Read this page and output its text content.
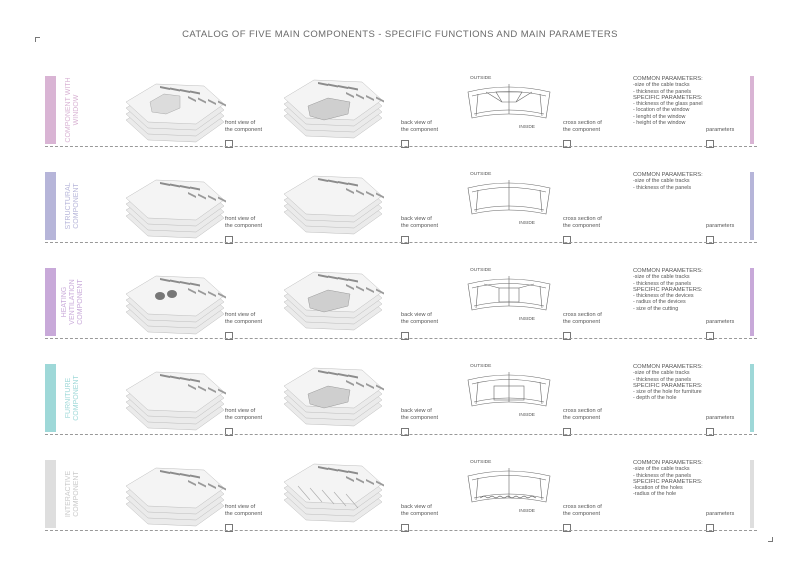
CATALOG OF FIVE MAIN COMPONENTS - SPECIFIC FUNCTIONS AND MAIN PARAMETERS
COMPONENT WITH WINDOW
OUTSIDE
INSIDE
front view of
the component
back view of
the component
cross section of
the component	parameters
COMMON PARAMETERS:
-size of the cable tracks
- thickness of the panels
SPECIFIC PARAMETERS:
- thickness of the glass panel
- location of the window
- lenght of the window
- height of the window
STRUCTURAL COMPONENT
OUTSIDE
INSIDE
front view of
the component
back view of
the component
cross section of
the component	parameters
COMMON PARAMETERS:
-size of the cable tracks
- thickness of the panels
HEATING VENTILATION COMPONENT
OUTSIDE
INSIDE
front view of
the component
back view of
the component
cross section of
the component	parameters
COMMON PARAMETERS:
-size of the cable tracks
- thickness of the panels
SPECIFIC PARAMETERS:
- thickness of the devices
- radius of the devices
- size of the cutting
FURNITURE COMPONENT
OUTSIDE
INSIDE
front view of
the component
back view of
the component
cross section of
the component	parameters
COMMON PARAMETERS:
-size of the cable tracks
- thickness of the panels
SPECIFIC PARAMETERS:
- size of the hole for furniture
- depth of the hole
INTERACTIVE COMPONENT
OUTSIDE
INSIDE
front view of
the component
back view of
the component
cross section of
the component	parameters
COMMON PARAMETERS:
-size of the cable tracks
- thickness of the panels
SPECIFIC PARAMETERS:
-location of the holes
-radius of the hole
